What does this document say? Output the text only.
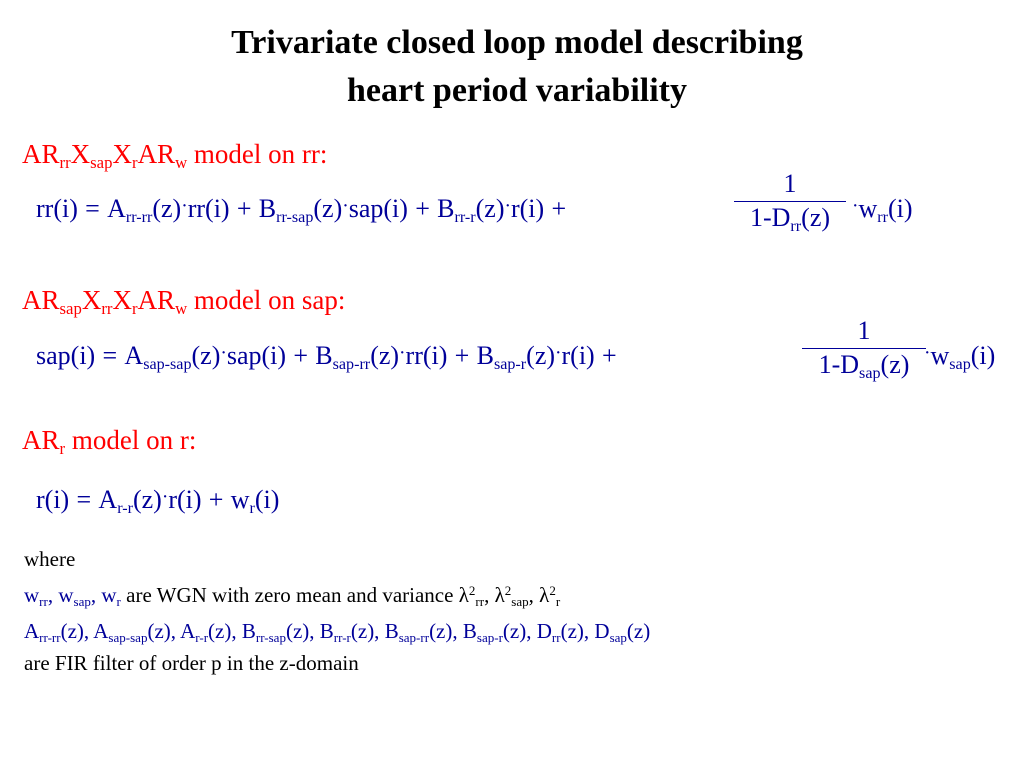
Trivariate closed loop model describing
heart period variability
$AR_{rr}X_{sap}X_rAR_w$ model on rr:
$rr(i) = A_{rr-rr}(z)\cdot rr(i) + B_{rr-sap}(z)\cdot sap(i) + B_{rr-r}(z)\cdot r(i)$ +
1
$1-D_{rr}(z)$	$\cdot w_{rr}(i)$
$AR_{sap}X_{rr}X_rAR_w$ model on sap:
$sap(i) = A_{sap-sap}(z)\cdot sap(i) + B_{sap-rr}(z)\cdot rr(i) + B_{sap-r}(z)\cdot r(i)$ +
1
$1-D_{sap}(z) \cdot w_{sap}(i)$
$AR_r$ model on r:
$r(i) = A_{r-r}(z)\cdot r(i) + w_r(i)$
where
$w_{rr}$, $w_{sap}$, $w_r$ are WGN with zero mean and variance $\lambda^2_{rr}$, $\lambda^2_{sap}$, $\lambda^2_r$
$A_{rr-rr}(z)$, $A_{sap-sap}(z)$, $A_{r-r}(z)$, $B_{rr-sap}(z)$, $B_{rr-r}(z)$, $B_{sap-rr}(z)$, $B_{sap-r}(z)$, $D_{rr}(z)$, $D_{sap}(z)$
are FIR filter of order p in the z-domain
